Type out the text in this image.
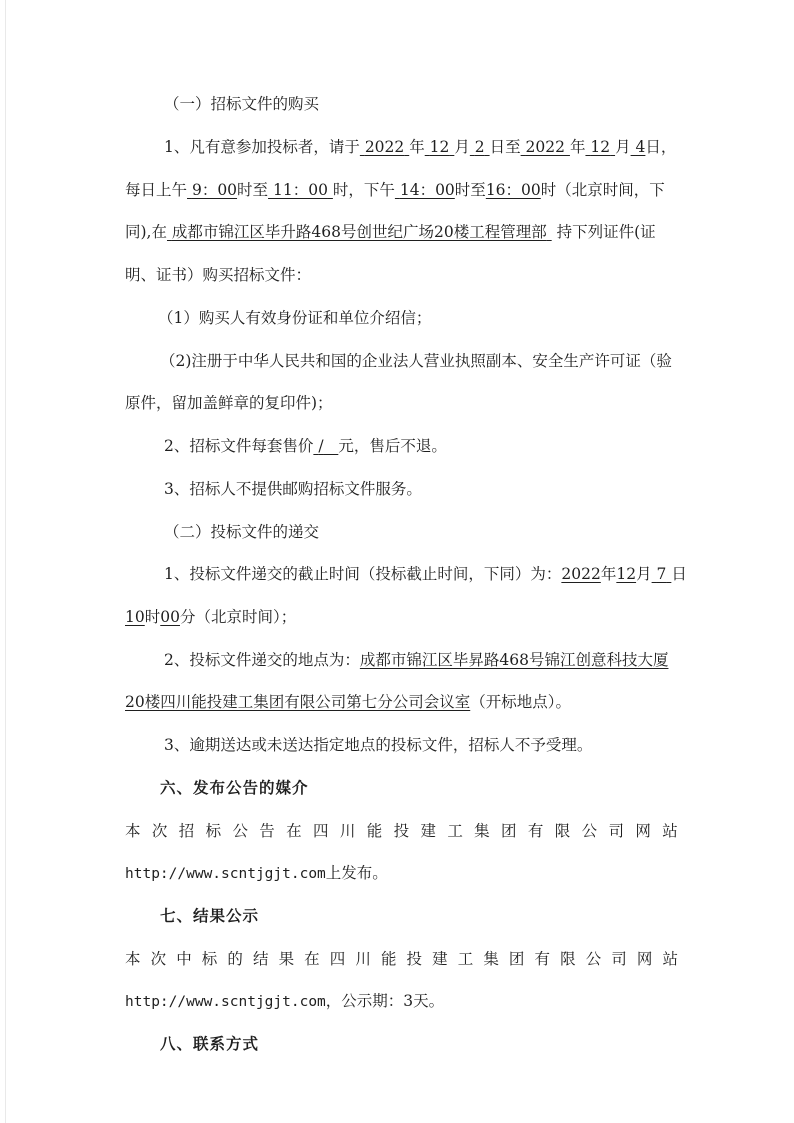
（一）招标文件的购买
1、凡有意参加投标者，请于 2022 年 12 月 2 日至 2022 年 12 月 4日，
每日上午 9：00时至 11：00 时，下午 14：00时至16：00时（北京时间，下
同),在 成都市锦江区毕升路468号创世纪广场20楼工程管理部 持下列证件(证
明、证书）购买招标文件：
（1）购买人有效身份证和单位介绍信；
（2)注册于中华人民共和国的企业法人营业执照副本、安全生产许可证（验
原件，留加盖鲜章的复印件)；
2、招标文件每套售价 / 元，售后不退。
3、招标人不提供邮购招标文件服务。
（二）投标文件的递交
1、投标文件递交的截止时间（投标截止时间，下同）为：2022年12月 7 日
10时00分（北京时间）；
2、投标文件递交的地点为：成都市锦江区毕昇路468号锦江创意科技大厦
20楼四川能投建工集团有限公司第七分公司会议室（开标地点）。
3、逾期送达或未送达指定地点的投标文件，招标人不予受理。
六、发布公告的媒介
本 次 招 标 公 告 在 四 川 能 投 建 工 集 团 有 限 公 司 网 站
http://www.scntjgjt.com上发布。
七、结果公示
本 次 中 标 的 结 果 在 四 川 能 投 建 工 集 团 有 限 公 司 网 站
http://www.scntjgjt.com，公示期：3天。
八、联系方式
